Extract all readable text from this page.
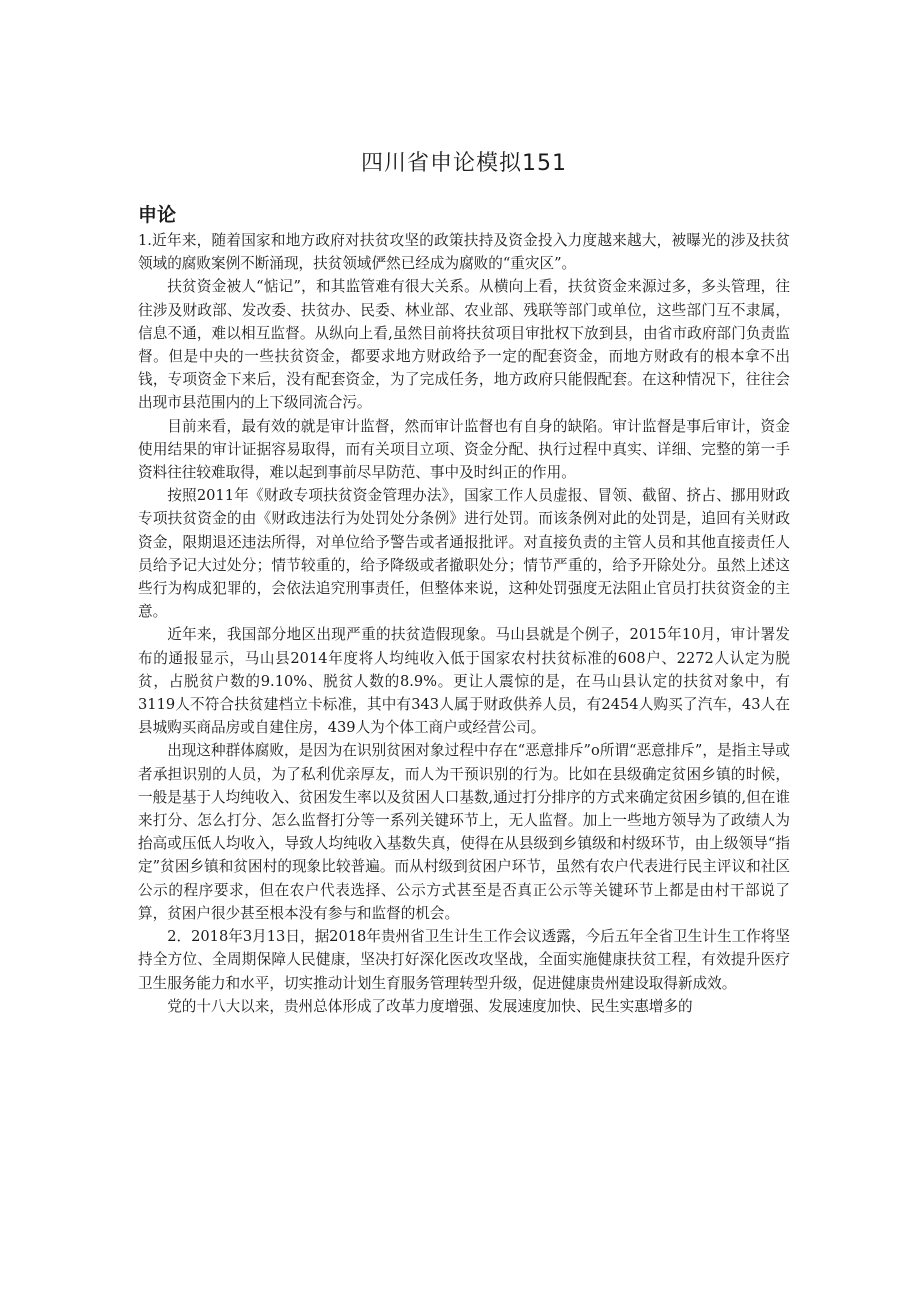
四川省申论模拟151
申论

1.近年来，随着国家和地方政府对扶贫攻坚的政策扶持及资金投入力度越来越大，被曝光的涉及扶贫领域的腐败案例不断涌现，扶贫领域俨然已经成为腐败的“重灾区”。

扶贫资金被人“惦记”，和其监管难有很大关系。从横向上看，扶贫资金来源过多，多头管理，往往涉及财政部、发改委、扶贫办、民委、林业部、农业部、残联等部门或单位，这些部门互不隶属，信息不通，难以相互监督。从纵向上看,虽然目前将扶贫项目审批权下放到县，由省市政府部门负责监督。但是中央的一些扶贫资金，都要求地方财政给予一定的配套资金，而地方财政有的根本拿不出钱，专项资金下来后，没有配套资金，为了完成任务，地方政府只能假配套。在这种情况下，往往会出现市县范围内的上下级同流合污。

目前来看，最有效的就是审计监督，然而审计监督也有自身的缺陷。审计监督是事后审计，资金使用结果的审计证据容易取得，而有关项目立项、资金分配、执行过程中真实、详细、完整的第一手资料往往较难取得，难以起到事前尽早防范、事中及时纠正的作用。

按照2011年《财政专项扶贫资金管理办法》，国家工作人员虚报、冒领、截留、挤占、挪用财政专项扶贫资金的由《财政违法行为处罚处分条例》进行处罚。而该条例对此的处罚是，追回有关财政资金，限期退还违法所得，对单位给予警告或者通报批评。对直接负责的主管人员和其他直接责任人员给予记大过处分；情节较重的，给予降级或者撤职处分；情节严重的，给予开除处分。虽然上述这些行为构成犯罪的，会依法追究刑事责任，但整体来说，这种处罚强度无法阻止官员打扶贫资金的主意。

近年来，我国部分地区出现严重的扶贫造假现象。马山县就是个例子，2015年10月，审计署发布的通报显示，马山县2014年度将人均纯收入低于国家农村扶贫标准的608户、2272人认定为脱贫，占脱贫户数的9.10%、脱贫人数的8.9%。更让人震惊的是，在马山县认定的扶贫对象中，有3119人不符合扶贫建档立卡标准，其中有343人属于财政供养人员，有2454人购买了汽车，43人在县城购买商品房或自建住房，439人为个体工商户或经营公司。

出现这种群体腐败，是因为在识别贫困对象过程中存在“恶意排斥”o所谓“恶意排斥”，是指主导或者承担识别的人员，为了私利优亲厚友，而人为干预识别的行为。比如在县级确定贫困乡镇的时候，一般是基于人均纯收入、贫困发生率以及贫困人口基数,通过打分排序的方式来确定贫困乡镇的,但在谁来打分、怎么打分、怎么监督打分等一系列关键环节上，无人监督。加上一些地方领导为了政绩人为抬高或压低人均收入，导致人均纯收入基数失真，使得在从县级到乡镇级和村级环节，由上级领导“指定”贫困乡镇和贫困村的现象比较普遍。而从村级到贫困户环节，虽然有农户代表进行民主评议和社区公示的程序要求，但在农户代表选择、公示方式甚至是否真正公示等关键环节上都是由村干部说了算，贫困户很少甚至根本没有参与和监督的机会。

2．2018年3月13日，据2018年贵州省卫生计生工作会议透露，今后五年全省卫生计生工作将坚持全方位、全周期保障人民健康，坚决打好深化医改攻坚战，全面实施健康扶贫工程，有效提升医疗卫生服务能力和水平，切实推动计划生育服务管理转型升级，促进健康贵州建设取得新成效。

党的十八大以来，贵州总体形成了改革力度增强、发展速度加快、民生实惠增多的
